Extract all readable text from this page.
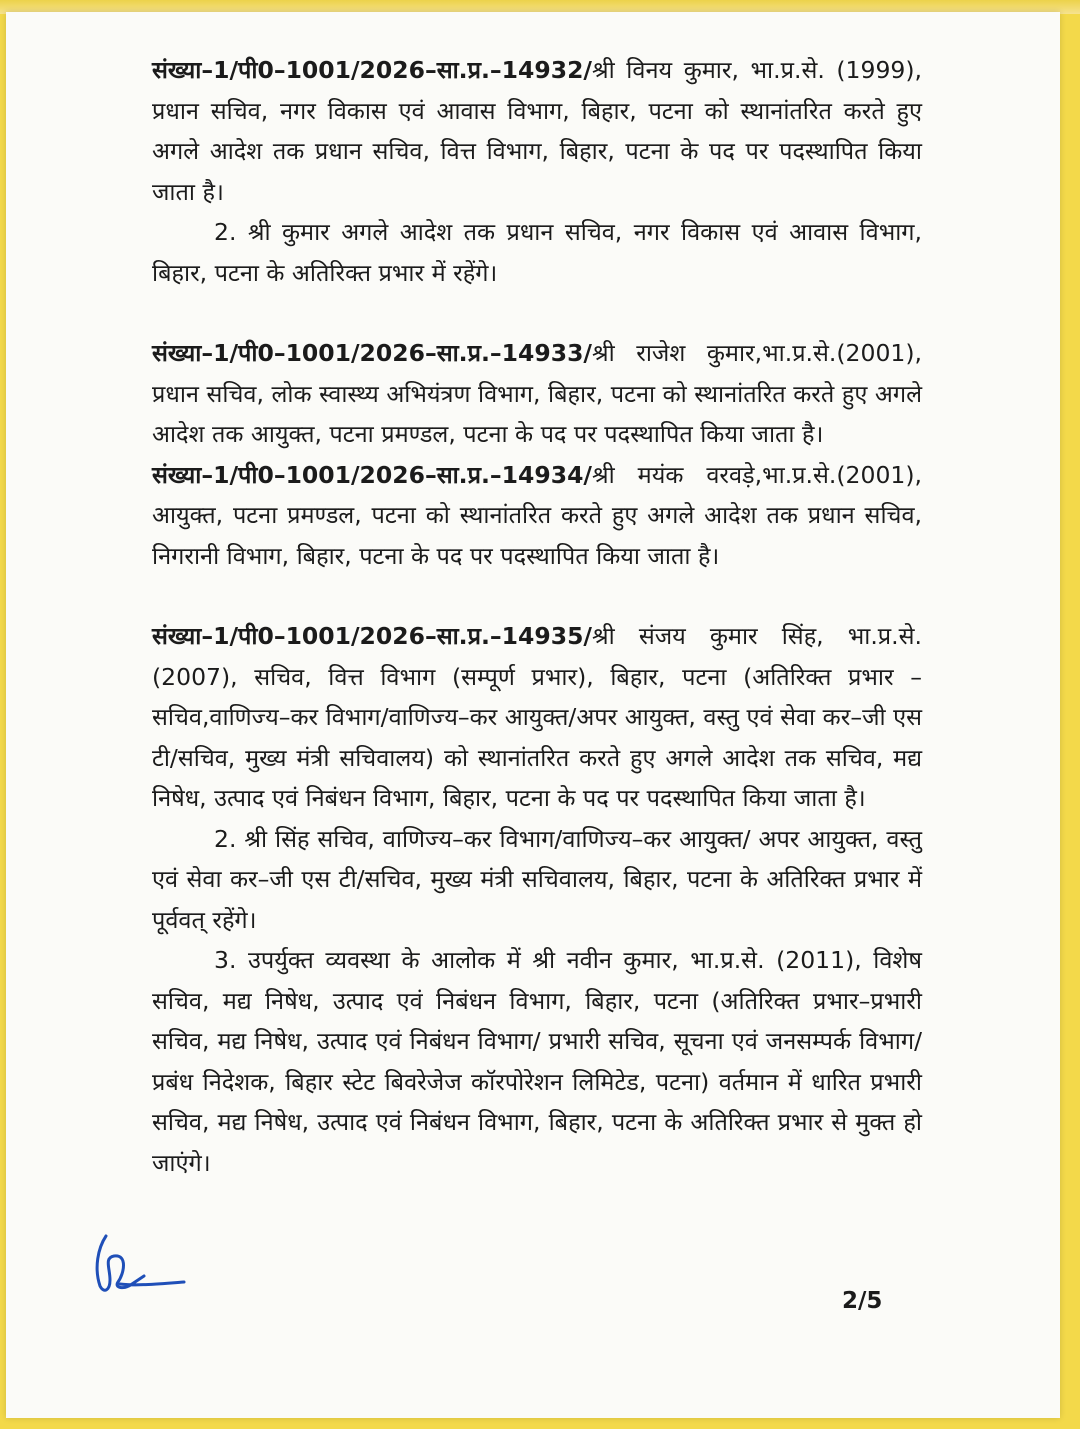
संख्या–1/पी0–1001/2026–सा.प्र.–14932/श्री विनय कुमार, भा.प्र.से. (1999), प्रधान सचिव, नगर विकास एवं आवास विभाग, बिहार, पटना को स्थानांतरित करते हुए अगले आदेश तक प्रधान सचिव, वित्त विभाग, बिहार, पटना के पद पर पदस्थापित किया जाता है।

2. श्री कुमार अगले आदेश तक प्रधान सचिव, नगर विकास एवं आवास विभाग, बिहार, पटना के अतिरिक्त प्रभार में रहेंगे।

संख्या–1/पी0–1001/2026–सा.प्र.–14933/श्री राजेश कुमार,भा.प्र.से.(2001), प्रधान सचिव, लोक स्वास्थ्य अभियंत्रण विभाग, बिहार, पटना को स्थानांतरित करते हुए अगले आदेश तक आयुक्त, पटना प्रमण्डल, पटना के पद पर पदस्थापित किया जाता है।

संख्या–1/पी0–1001/2026–सा.प्र.–14934/श्री मयंक वरवड़े,भा.प्र.से.(2001), आयुक्त, पटना प्रमण्डल, पटना को स्थानांतरित करते हुए अगले आदेश तक प्रधान सचिव, निगरानी विभाग, बिहार, पटना के पद पर पदस्थापित किया जाता है।

संख्या–1/पी0–1001/2026–सा.प्र.–14935/श्री संजय कुमार सिंह, भा.प्र.से. (2007), सचिव, वित्त विभाग (सम्पूर्ण प्रभार), बिहार, पटना (अतिरिक्त प्रभार –सचिव,वाणिज्य–कर विभाग/वाणिज्य–कर आयुक्त/अपर आयुक्त, वस्तु एवं सेवा कर–जी एस टी/सचिव, मुख्य मंत्री सचिवालय) को स्थानांतरित करते हुए अगले आदेश तक सचिव, मद्य निषेध, उत्पाद एवं निबंधन विभाग, बिहार, पटना के पद पर पदस्थापित किया जाता है।

2. श्री सिंह सचिव, वाणिज्य–कर विभाग/वाणिज्य–कर आयुक्त/ अपर आयुक्त, वस्तु एवं सेवा कर–जी एस टी/सचिव, मुख्य मंत्री सचिवालय, बिहार, पटना के अतिरिक्त प्रभार में पूर्ववत् रहेंगे।

3. उपर्युक्त व्यवस्था के आलोक में श्री नवीन कुमार, भा.प्र.से. (2011), विशेष सचिव, मद्य निषेध, उत्पाद एवं निबंधन विभाग, बिहार, पटना (अतिरिक्त प्रभार–प्रभारी सचिव, मद्य निषेध, उत्पाद एवं निबंधन विभाग/ प्रभारी सचिव, सूचना एवं जनसम्पर्क विभाग/प्रबंध निदेशक, बिहार स्टेट बिवरेजेज कॉरपोरेशन लिमिटेड, पटना) वर्तमान में धारित प्रभारी सचिव, मद्य निषेध, उत्पाद एवं निबंधन विभाग, बिहार, पटना के अतिरिक्त प्रभार से मुक्त हो जाएंगे।

2/5
